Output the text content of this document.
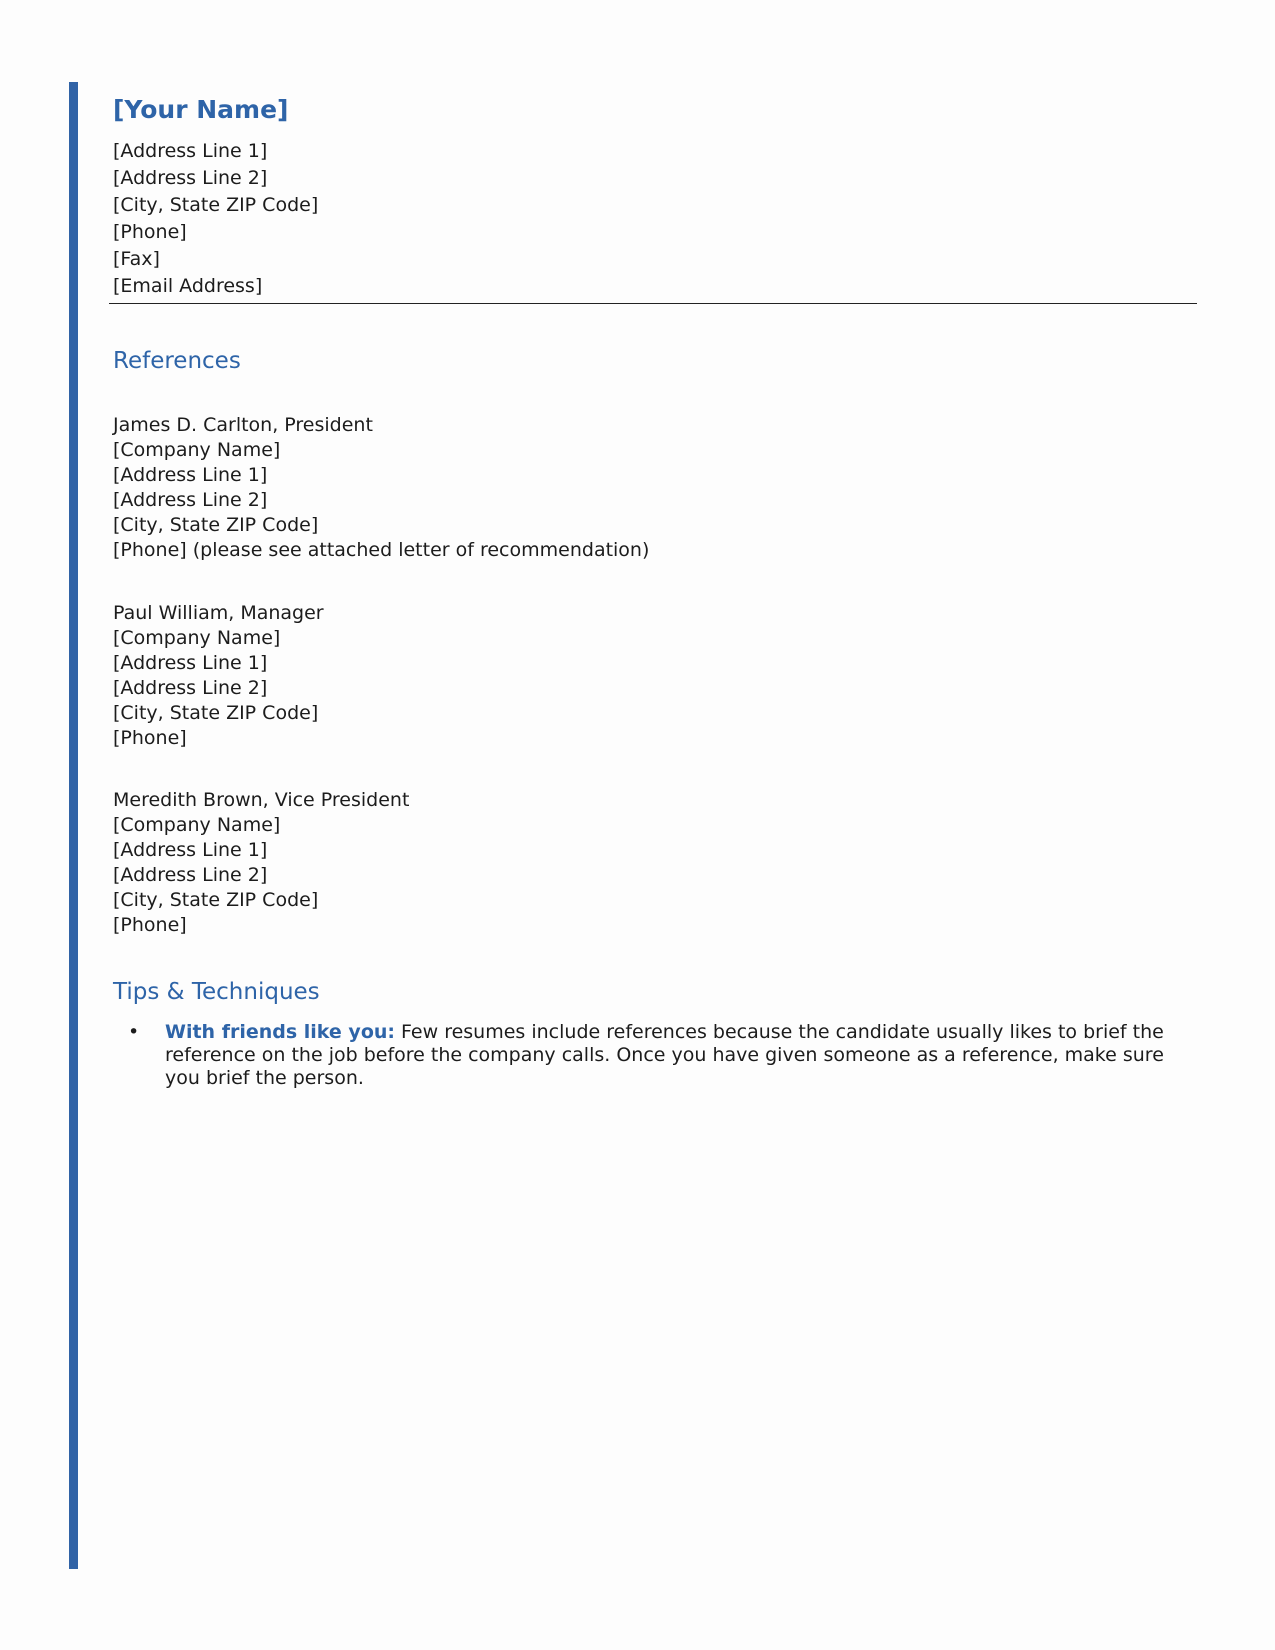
[Your Name]
[Address Line 1]
[Address Line 2]
[City, State ZIP Code]
[Phone]
[Fax]
[Email Address]
References
James D. Carlton, President
[Company Name]
[Address Line 1]
[Address Line 2]
[City, State ZIP Code]
[Phone] (please see attached letter of recommendation)
Paul William, Manager
[Company Name]
[Address Line 1]
[Address Line 2]
[City, State ZIP Code]
[Phone]
Meredith Brown, Vice President
[Company Name]
[Address Line 1]
[Address Line 2]
[City, State ZIP Code]
[Phone]
Tips & Techniques
•	With friends like you: Few resumes include references because the candidate usually likes to brief the reference on the job before the company calls. Once you have given someone as a reference, make sure you brief the person.
